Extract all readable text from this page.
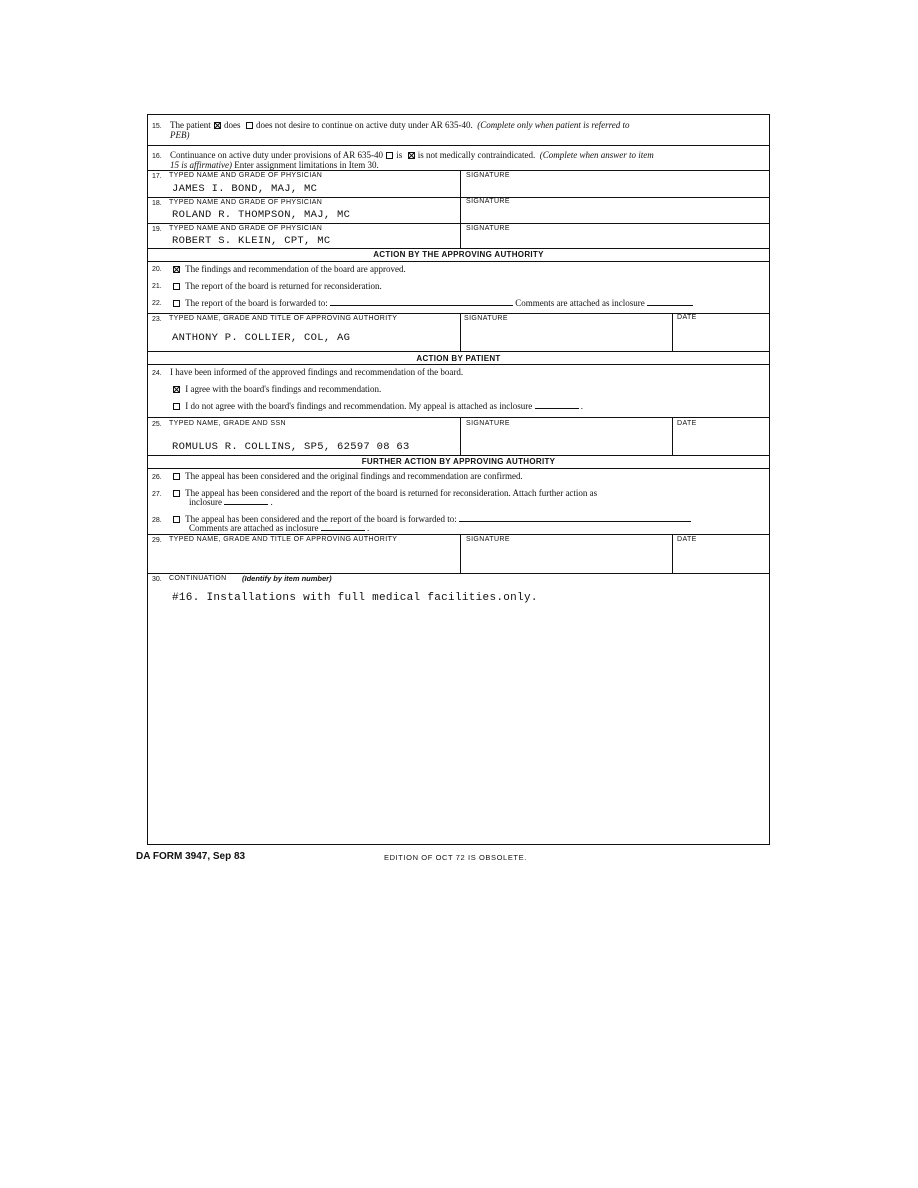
15. The patient does does not desire to continue on active duty under AR 635-40. (Complete only when patient is referred to
PEB)
16. Continuance on active duty under provisions of AR 635-40 is is not medically contraindicated. (Complete when answer to item
15 is affirmative) Enter assignment limitations in Item 30.
17. TYPED NAME AND GRADE OF PHYSICIAN	SIGNATURE
JAMES I. BOND, MAJ, MC
18. TYPED NAME AND GRADE OF PHYSICIAN	SIGNATURE
ROLAND R. THOMPSON, MAJ, MC
19. TYPED NAME AND GRADE OF PHYSICIAN	SIGNATURE
ROBERT S. KLEIN, CPT, MC
ACTION BY THE APPROVING AUTHORITY
20.	The findings and recommendation of the board are approved.
21.	The report of the board is returned for reconsideration.
22.	The report of the board is forwarded to:	Comments are attached as inclosure
23. TYPED NAME, GRADE AND TITLE OF APPROVING AUTHORITY	SIGNATURE	DATE
ANTHONY P. COLLIER, COL, AG
ACTION BY PATIENT
24. I have been informed of the approved findings and recommendation of the board.
I agree with the board's findings and recommendation.
I do not agree with the board's findings and recommendation. My appeal is attached as inclosure	.
25. TYPED NAME, GRADE AND SSN	SIGNATURE	DATE
ROMULUS R. COLLINS, SP5, 62597 08 63
FURTHER ACTION BY APPROVING AUTHORITY
26.	The appeal has been considered and the original findings and recommendation are confirmed.
27.	The appeal has been considered and the report of the board is returned for reconsideration. Attach further action as
inclosure	.
28.	The appeal has been considered and the report of the board is forwarded to:
Comments are attached as inclosure	.
29. TYPED NAME, GRADE AND TITLE OF APPROVING AUTHORITY	SIGNATURE	DATE
30. CONTINUATION (Identify by item number)
#16. Installations with full medical facilities.only.
DA FORM 3947, Sep 83	EDITION OF OCT 72 IS OBSOLETE.
